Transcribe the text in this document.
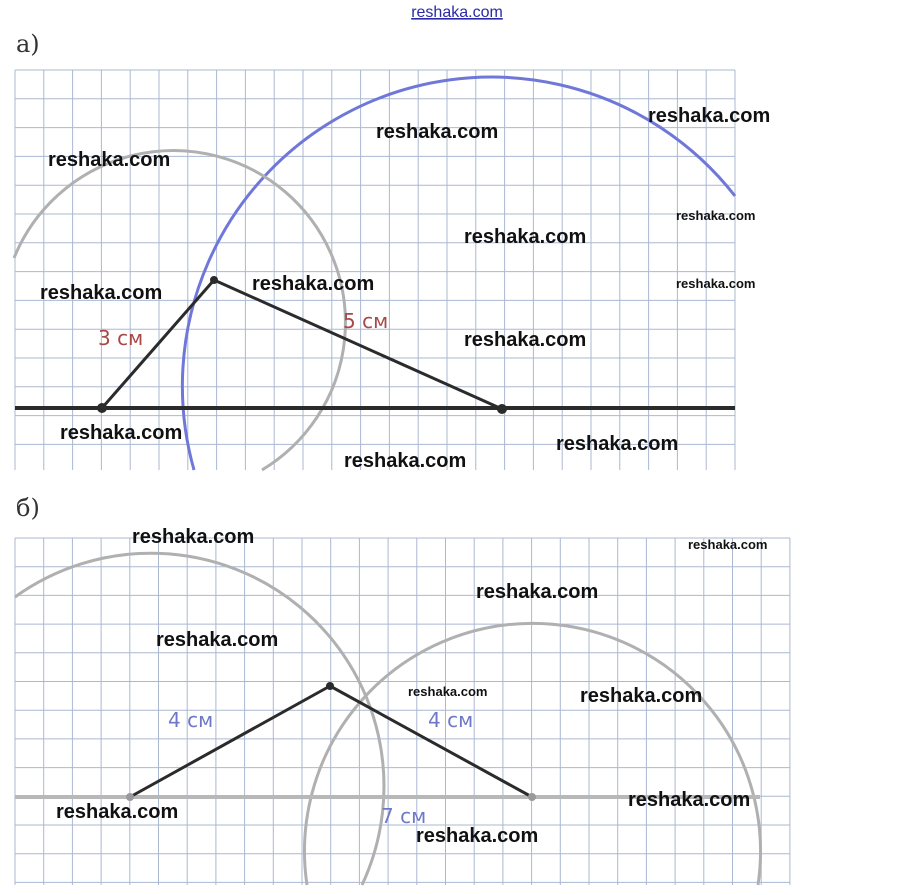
reshaka.com
а)
3 см
5 см
б)
4 см	4 см
7 см
reshaka.com
reshaka.com
reshaka.com
reshaka.com
reshaka.com
reshaka.com	reshaka.com
reshaka.com
reshaka.com
reshaka.com	reshaka.com
reshaka.com
reshaka.com	reshaka.com
reshaka.com
reshaka.com
reshaka.com	reshaka.com
reshaka.com
reshaka.com
reshaka.com
